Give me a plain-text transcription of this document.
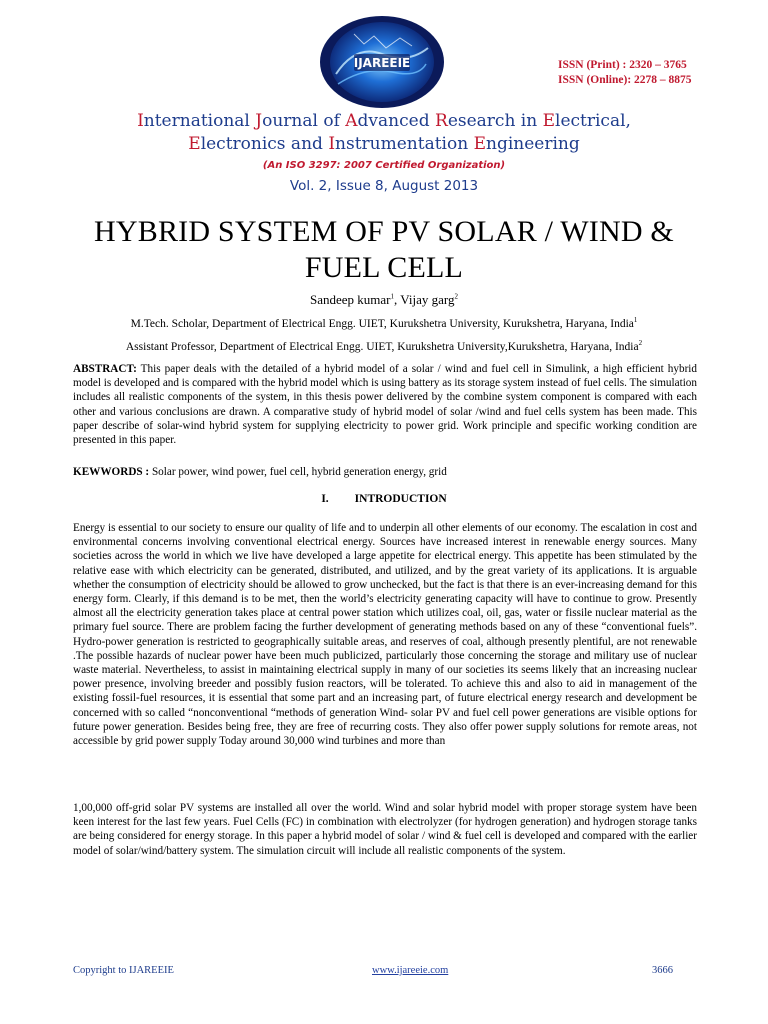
IJAREEIE	ISSN (Print) : 2320 – 3765
ISSN (Online): 2278 – 8875
International Journal of Advanced Research in Electrical,
Electronics and Instrumentation Engineering
(An ISO 3297: 2007 Certified Organization)
Vol. 2, Issue 8, August 2013
HYBRID SYSTEM OF PV SOLAR / WIND &
FUEL CELL
Sandeep kumar$^1$, Vijay garg$^2$
M.Tech. Scholar, Department of Electrical Engg. UIET, Kurukshetra University, Kurukshetra, Haryana, India$^1$
Assistant Professor, Department of Electrical Engg. UIET, Kurukshetra University,Kurukshetra, Haryana, India$^2$
ABSTRACT: This paper deals with the detailed of a hybrid model of a solar / wind and fuel cell in Simulink, a high efficient hybrid model is developed and is compared with the hybrid model which is using battery as its storage system instead of fuel cells. The simulation includes all realistic components of the system, in this thesis power delivered by the combine system component is compared with each other and various conclusions are drawn. A comparative study of hybrid model of solar /wind and fuel cells system has been made. This paper describe of solar-wind hybrid system for supplying electricity to power grid. Work principle and specific working condition are presented in this paper.
KEWWORDS : Solar power, wind power, fuel cell, hybrid generation energy, grid
I. INTRODUCTION
Energy is essential to our society to ensure our quality of life and to underpin all other elements of our economy. The escalation in cost and environmental concerns involving conventional electrical energy. Sources have increased interest in renewable energy sources. Many societies across the world in which we live have developed a large appetite for electrical energy. This appetite has been stimulated by the relative ease with which electricity can be generated, distributed, and utilized, and by the great variety of its applications. It is arguable whether the consumption of electricity should be allowed to grow unchecked, but the fact is that there is an ever-increasing demand for this energy form. Clearly, if this demand is to be met, then the world’s electricity generating capacity will have to continue to grow. Presently almost all the electricity generation takes place at central power station which utilizes coal, oil, gas, water or fissile nuclear material as the primary fuel source. There are problem facing the further development of generating methods based on any of these “conventional fuels”. Hydro-power generation is restricted to geographically suitable areas, and reserves of coal, although presently plentiful, are not renewable .The possible hazards of nuclear power have been much publicized, particularly those concerning the storage and military use of nuclear waste material. Nevertheless, to assist in maintaining electrical supply in many of our societies its seems likely that an increasing nuclear power presence, involving breeder and possibly fusion reactors, will be tolerated. To achieve this and also to aid in management of the existing fossil-fuel resources, it is essential that some part and an increasing part, of future electrical energy research and development be concerned with so called “nonconventional “methods of generation Wind- solar PV and fuel cell power generations are visible options for future power generation. Besides being free, they are free of recurring costs. They also offer power supply solutions for remote areas, not accessible by grid power supply Today around 30,000 wind turbines and more than
1,00,000 off-grid solar PV systems are installed all over the world. Wind and solar hybrid model with proper storage system have been keen interest for the last few years. Fuel Cells (FC) in combination with electrolyzer (for hydrogen generation) and hydrogen storage tanks are being considered for energy storage. In this paper a hybrid model of solar / wind & fuel cell is developed and compared with the earlier model of solar/wind/battery system. The simulation circuit will include all realistic components of the system.
Copyright to IJAREEIE	www.ijareeie.com	3666
